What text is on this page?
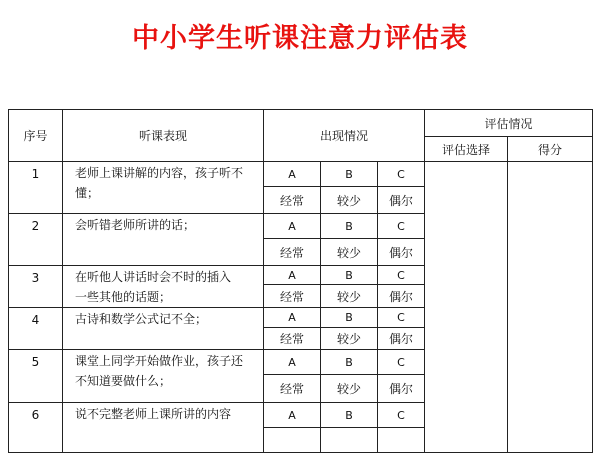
中小学生听课注意力评估表
序号	听课表现	出现情况			评估情况	
					评估选择	得分
1	老师上课讲解的内容，孩子听不
懂；	A	B	C		
		经常	较少	偶尔		
2	会听错老师所讲的话；	A	B	C		
		经常	较少	偶尔		
3	在听他人讲话时会不时的插入
一些其他的话题；	A	B	C		
		经常	较少	偶尔		
4	古诗和数学公式记不全；	A	B	C		
		经常	较少	偶尔		
5	课堂上同学开始做作业，孩子还
不知道要做什么；	A	B	C		
		经常	较少	偶尔		
6	说不完整老师上课所讲的内容	A	B	C		
